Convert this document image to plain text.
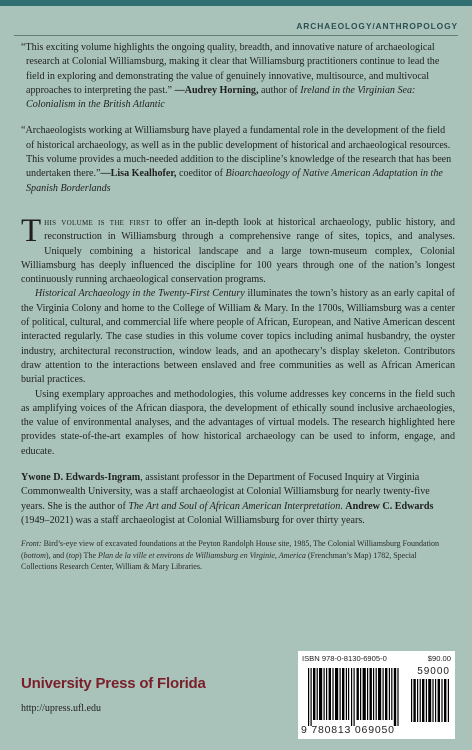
ARCHAEOLOGY/ANTHROPOLOGY

“This exciting volume highlights the ongoing quality, breadth, and innovative nature of archaeological research at Colonial Williamsburg, making it clear that Williamsburg practitioners continue to lead the field in exploring and demonstrating the value of genuinely innovative, multisource, and multivocal approaches to interpreting the past.” —Audrey Horning, author of Ireland in the Virginian Sea: Colonialism in the British Atlantic

“Archaeologists working at Williamsburg have played a fundamental role in the development of the field of historical archaeology, as well as in the public development of historical and archaeological resources. This volume provides a much-needed addition to the discipline’s knowledge of the research that has been undertaken there.”—Lisa Kealhofer, coeditor of Bioarchaeology of Native American Adaptation in the Spanish Borderlands

This volume is the first to offer an in-depth look at historical archaeology, public history, and reconstruction in Williamsburg through a comprehensive range of sites, topics, and analyses. Uniquely combining a historical landscape and a large town-museum complex, Colonial Williamsburg has deeply influenced the discipline for 100 years through one of the nation’s longest continuously running archaeological conservation programs.

Historical Archaeology in the Twenty-First Century illuminates the town’s history as an early capital of the Virginia Colony and home to the College of William & Mary. In the 1700s, Williamsburg was a center of political, cultural, and commercial life where people of African, European, and Native American descent interacted regularly. The case studies in this volume cover topics including animal husbandry, the oyster industry, architectural reconstruction, window leads, and an apothecary’s display skeleton. Contributors draw attention to the interactions between enslaved and free communities as well as African American burial practices.

Using exemplary approaches and methodologies, this volume addresses key concerns in the field such as amplifying voices of the African diaspora, the development of ethically sound inclusive archaeologies, the value of environmental analyses, and the advantages of virtual models. The research highlighted here provides state-of-the-art examples of how historical archaeology can be used to inform, engage, and educate.

Ywone D. Edwards-Ingram, assistant professor in the Department of Focused Inquiry at Virginia Commonwealth University, was a staff archaeologist at Colonial Williamsburg for nearly twenty-five years. She is the author of The Art and Soul of African American Interpretation. Andrew C. Edwards (1949–2021) was a staff archaeologist at Colonial Williamsburg for over thirty years.

Front: Bird’s-eye view of excavated foundations at the Peyton Randolph House site, 1985, The Colonial Williamsburg Foundation (bottom), and (top) The Plan de la ville et environs de Williamsburg en Virginie, America (Frenchman’s Map) 1782, Special Collections Research Center, William & Mary Libraries.
University Press of Florida
http://upress.ufl.edu
ISBN 978-0-8130-6905-0	$90.00
59000
9 780813 069050
